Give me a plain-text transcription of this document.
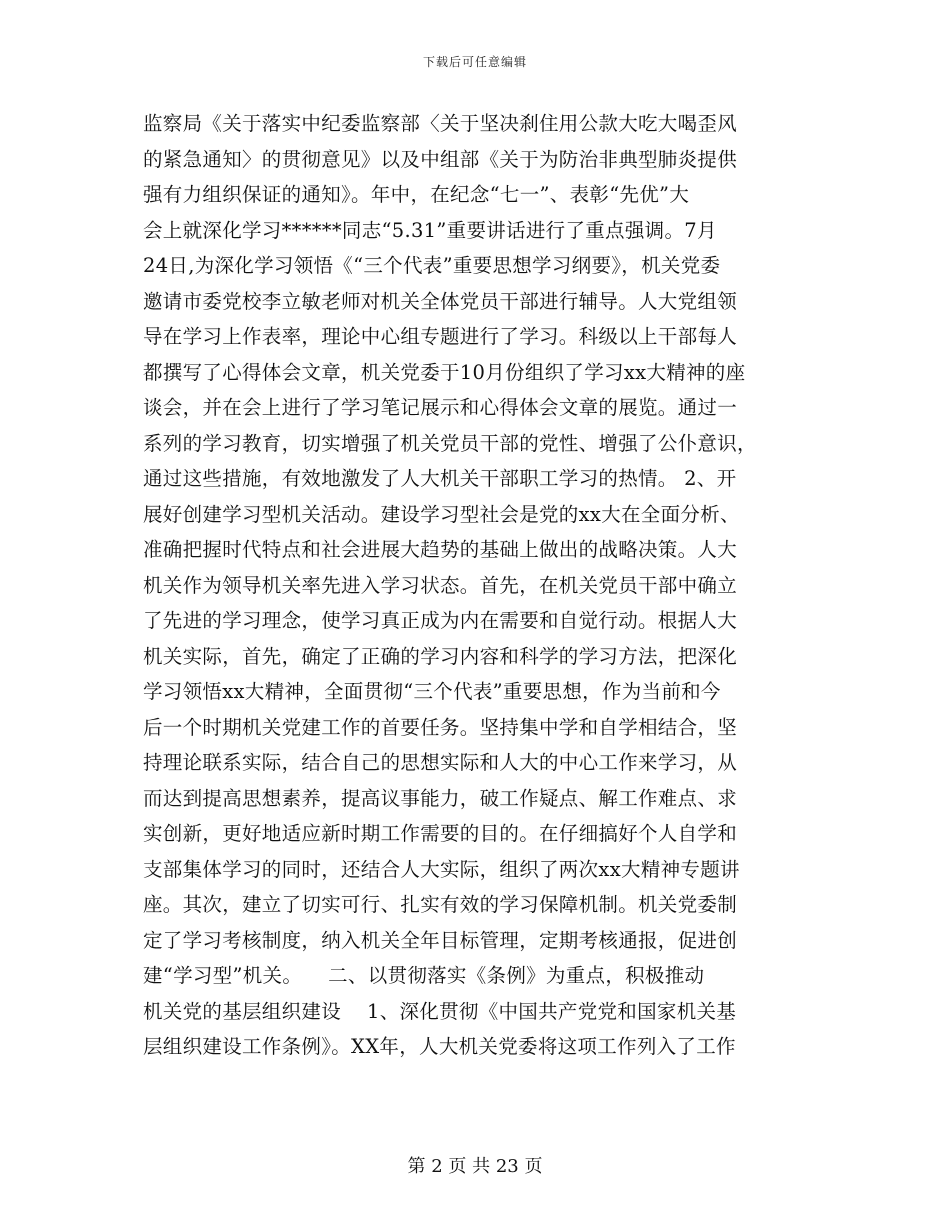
下载后可任意编辑
监察局《关于落实中纪委监察部〈关于坚决刹住用公款大吃大喝歪风
的紧急通知〉的贯彻意见》以及中组部《关于为防治非典型肺炎提供
强有力组织保证的通知》。年中，在纪念“七一”、表彰“先优”大
会上就深化学习******同志“5.31”重要讲话进行了重点强调。7月
24日,为深化学习领悟《“三个代表”重要思想学习纲要》，机关党委
邀请市委党校李立敏老师对机关全体党员干部进行辅导。人大党组领
导在学习上作表率，理论中心组专题进行了学习。科级以上干部每人
都撰写了心得体会文章，机关党委于10月份组织了学习xx大精神的座
谈会，并在会上进行了学习笔记展示和心得体会文章的展览。通过一
系列的学习教育，切实增强了机关党员干部的党性、增强了公仆意识，
通过这些措施，有效地激发了人大机关干部职工学习的热情。 2、开
展好创建学习型机关活动。建设学习型社会是党的xx大在全面分析、
准确把握时代特点和社会进展大趋势的基础上做出的战略决策。人大
机关作为领导机关率先进入学习状态。首先，在机关党员干部中确立
了先进的学习理念，使学习真正成为内在需要和自觉行动。根据人大
机关实际，首先，确定了正确的学习内容和科学的学习方法，把深化
学习领悟xx大精神，全面贯彻“三个代表”重要思想，作为当前和今
后一个时期机关党建工作的首要任务。坚持集中学和自学相结合，坚
持理论联系实际，结合自己的思想实际和人大的中心工作来学习，从
而达到提高思想素养，提高议事能力，破工作疑点、解工作难点、求
实创新，更好地适应新时期工作需要的目的。在仔细搞好个人自学和
支部集体学习的同时，还结合人大实际，组织了两次xx大精神专题讲
座。其次，建立了切实可行、扎实有效的学习保障机制。机关党委制
定了学习考核制度，纳入机关全年目标管理，定期考核通报，促进创
建“学习型”机关。    二、以贯彻落实《条例》为重点，积极推动
机关党的基层组织建设    1、深化贯彻《中国共产党党和国家机关基
层组织建设工作条例》。XX年，人大机关党委将这项工作列入了工作
第 2 页 共 23 页
